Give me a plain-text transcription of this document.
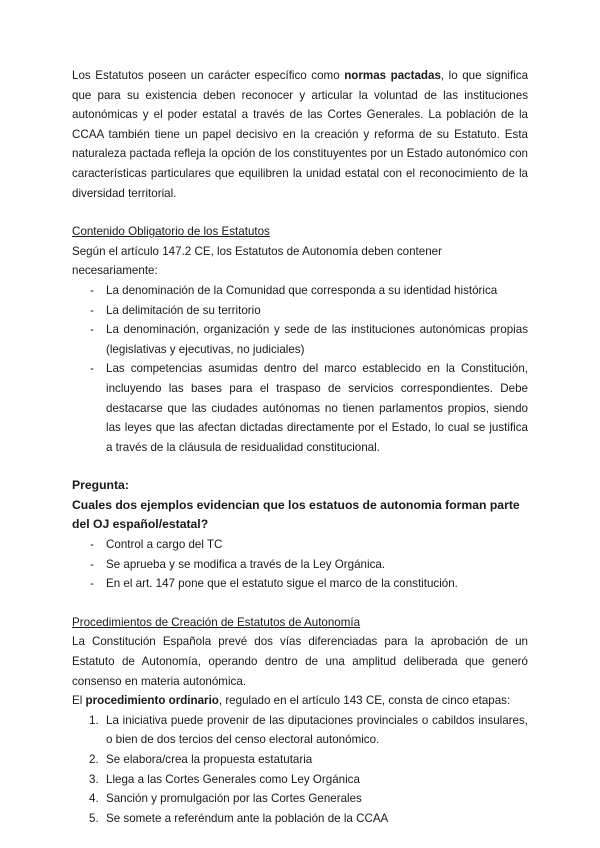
Los Estatutos poseen un carácter específico como normas pactadas, lo que significa que para su existencia deben reconocer y articular la voluntad de las instituciones autonómicas y el poder estatal a través de las Cortes Generales. La población de la CCAA también tiene un papel decisivo en la creación y reforma de su Estatuto. Esta naturaleza pactada refleja la opción de los constituyentes por un Estado autonómico con características particulares que equilibren la unidad estatal con el reconocimiento de la diversidad territorial.

Contenido Obligatorio de los Estatutos

Según el artículo 147.2 CE, los Estatutos de Autonomía deben contener necesariamente:

- La denominación de la Comunidad que corresponda a su identidad histórica
- La delimitación de su territorio
- La denominación, organización y sede de las instituciones autonómicas propias (legislativas y ejecutivas, no judiciales)
- Las competencias asumidas dentro del marco establecido en la Constitución, incluyendo las bases para el traspaso de servicios correspondientes. Debe destacarse que las ciudades autónomas no tienen parlamentos propios, siendo las leyes que las afectan dictadas directamente por el Estado, lo cual se justifica a través de la cláusula de residualidad constitucional.

Pregunta:

Cuales dos ejemplos evidencian que los estatuos de autonomia forman parte del OJ español/estatal?

- Control a cargo del TC
- Se aprueba y se modifica a través de la Ley Orgánica.
- En el art. 147 pone que el estatuto sigue el marco de la constitución.

Procedimientos de Creación de Estatutos de Autonomía

La Constitución Española prevé dos vías diferenciadas para la aprobación de un Estatuto de Autonomía, operando dentro de una amplitud deliberada que generó consenso en materia autonómica.

El procedimiento ordinario, regulado en el artículo 143 CE, consta de cinco etapas:

1. La iniciativa puede provenir de las diputaciones provinciales o cabildos insulares, o bien de dos tercios del censo electoral autonómico.
2. Se elabora/crea la propuesta estatutaria
3. Llega a las Cortes Generales como Ley Orgánica
4. Sanción y promulgación por las Cortes Generales
5. Se somete a referéndum ante la población de la CCAA
